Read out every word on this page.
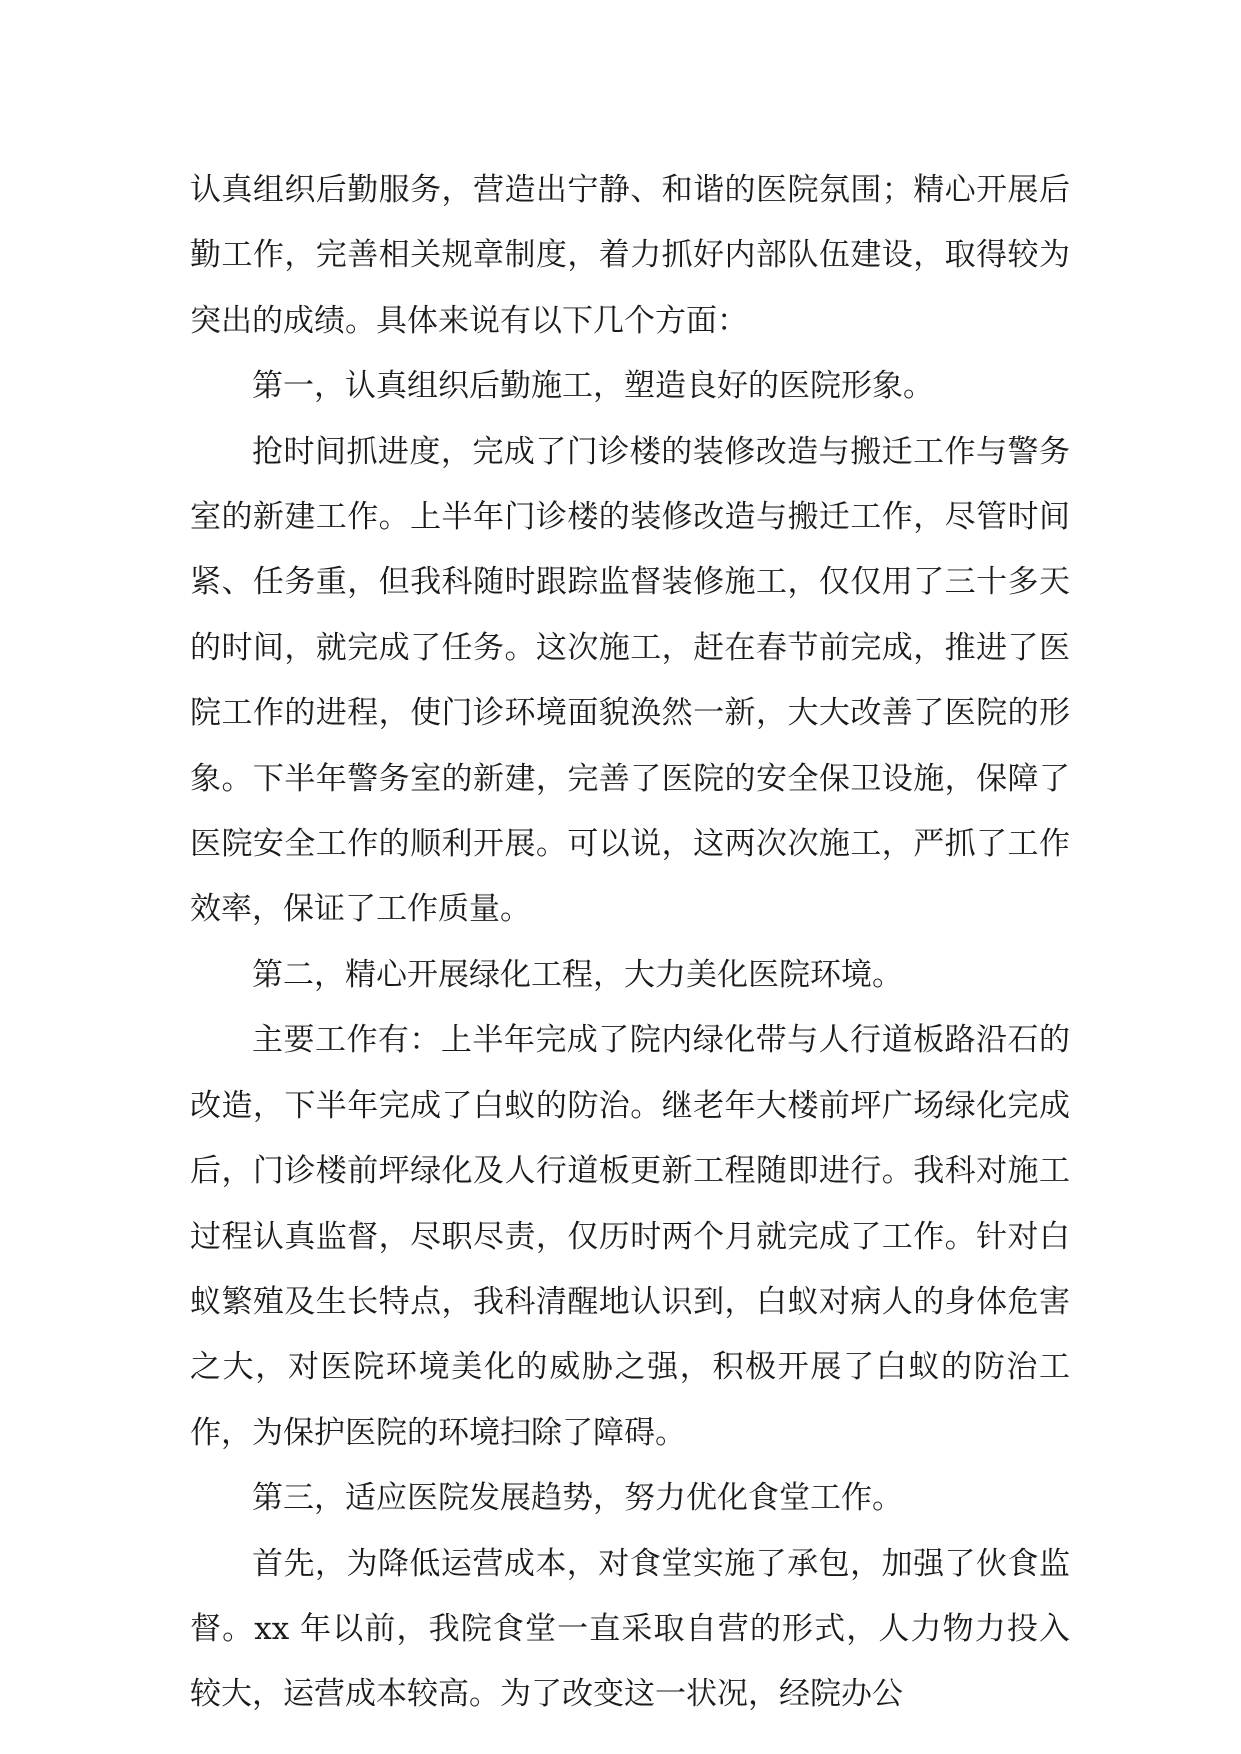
认真组织后勤服务，营造出宁静、和谐的医院氛围；精心开展后勤工作，完善相关规章制度，着力抓好内部队伍建设，取得较为突出的成绩。具体来说有以下几个方面：

第一，认真组织后勤施工，塑造良好的医院形象。

抢时间抓进度，完成了门诊楼的装修改造与搬迁工作与警务室的新建工作。上半年门诊楼的装修改造与搬迁工作，尽管时间紧、任务重，但我科随时跟踪监督装修施工，仅仅用了三十多天的时间，就完成了任务。这次施工，赶在春节前完成，推进了医院工作的进程，使门诊环境面貌涣然一新，大大改善了医院的形象。下半年警务室的新建，完善了医院的安全保卫设施，保障了医院安全工作的顺利开展。可以说，这两次次施工，严抓了工作效率，保证了工作质量。

第二，精心开展绿化工程，大力美化医院环境。

主要工作有：上半年完成了院内绿化带与人行道板路沿石的改造，下半年完成了白蚁的防治。继老年大楼前坪广场绿化完成后，门诊楼前坪绿化及人行道板更新工程随即进行。我科对施工过程认真监督，尽职尽责，仅历时两个月就完成了工作。针对白蚁繁殖及生长特点，我科清醒地认识到，白蚁对病人的身体危害之大，对医院环境美化的威胁之强，积极开展了白蚁的防治工作，为保护医院的环境扫除了障碍。

第三，适应医院发展趋势，努力优化食堂工作。

首先，为降低运营成本，对食堂实施了承包，加强了伙食监督。xx 年以前，我院食堂一直采取自营的形式，人力物力投入较大，运营成本较高。为了改变这一状况，经院办公
